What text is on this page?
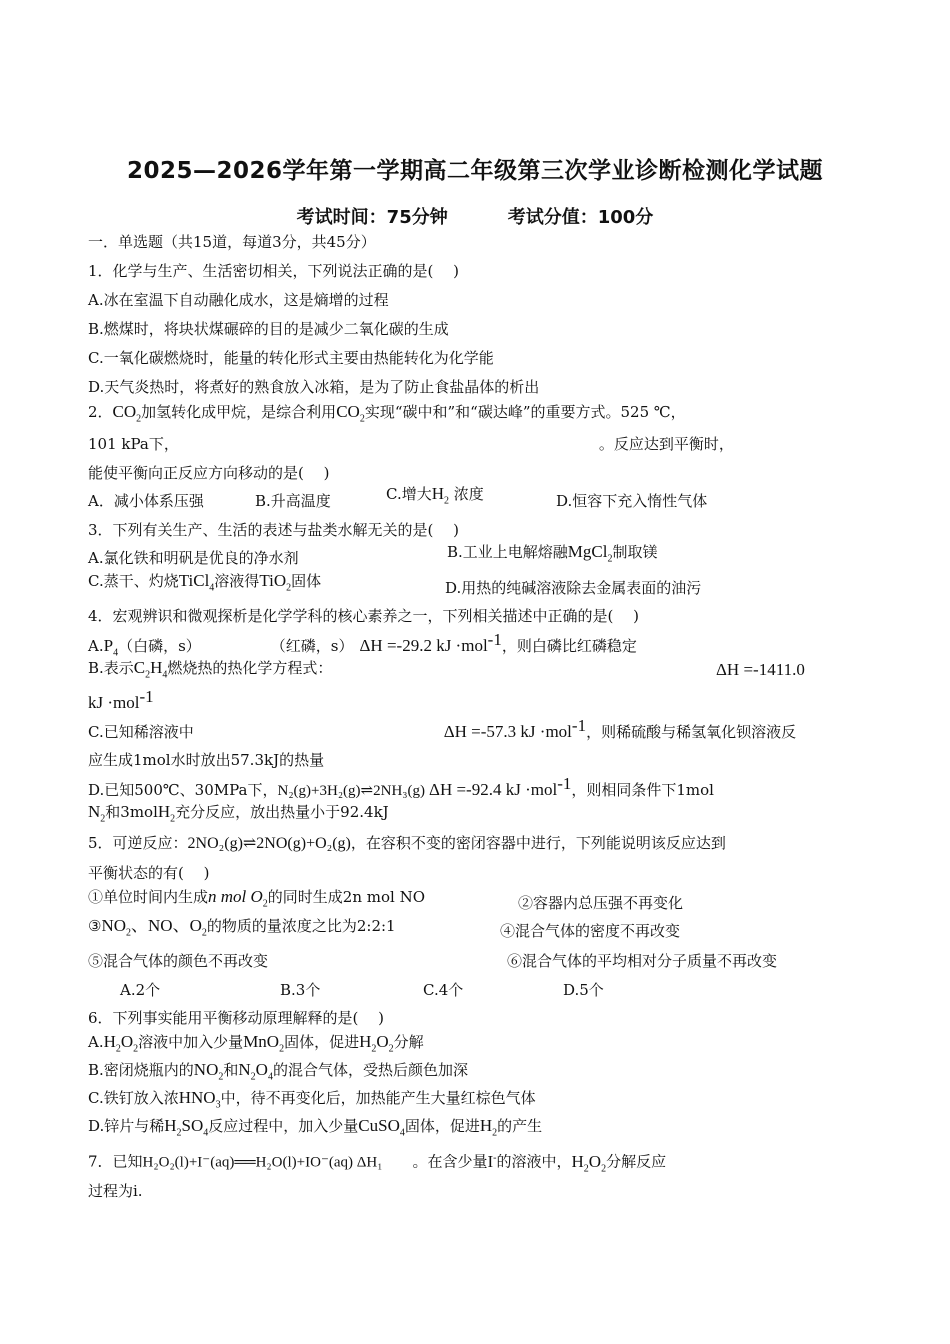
2025—2026学年第一学期高二年级第三次学业诊断检测化学试题
考试时间：75分钟	考试分值：100分
一．单选题（共15道，每道3分，共45分）
1．化学与生产、生活密切相关，下列说法正确的是(　 )
A.冰在室温下自动融化成水，这是熵增的过程
B.燃煤时，将块状煤碾碎的目的是减少二氧化碳的生成
C.一氧化碳燃烧时，能量的转化形式主要由热能转化为化学能
D.天气炎热时，将煮好的熟食放入冰箱，是为了防止食盐晶体的析出
2．$CO_2$加氢转化成甲烷，是综合利用$CO_2$实现“碳中和”和“碳达峰”的重要方式。525 ℃，
101 kPa下，	。反应达到平衡时，
能使平衡向正反应方向移动的是(　 )
A．减小体系压强	B.升高温度	C.增大$H_2$ 浓度	D.恒容下充入惰性气体
3．下列有关生产、生活的表述与盐类水解无关的是(　 )
A.氯化铁和明矾是优良的净水剂	B.工业上电解熔融MgCl$_2$制取镁
C.蒸干、灼烧TiCl$_4$溶液得TiO$_2$固体	D.用热的纯碱溶液除去金属表面的油污
4．宏观辨识和微观探析是化学学科的核心素养之一，下列相关描述中正确的是(　 )
$A.P_4$（白磷，s）	（红磷，s） ΔH =-29.2 kJ ·mol$^{-1}$，则白磷比红磷稳定
B.表示$C_2H_4$燃烧热的热化学方程式：	ΔH =-1411.0
kJ ·mol$^{-1}$
C.已知稀溶液中	ΔH =-57.3 kJ ·mol$^{-1}$，则稀硫酸与稀氢氧化钡溶液反
应生成1mol水时放出57.3kJ的热量
D.已知500℃、30MPa下，N₂(g)+3H₂(g)⇌2NH₃(g) ΔH =-92.4 kJ ·mol$^{-1}$，则相同条件下1mol
$N_2$和3molH$_2$充分反应，放出热量小于92.4kJ
5．可逆反应：2NO₂(g)⇌2NO(g)+O₂(g)，在容积不变的密闭容器中进行，下列能说明该反应达到
平衡状态的有(　 )
①单位时间内生成n mol $O_2$的同时生成2n mol NO	②容器内总压强不再变化
$③NO_2$、NO、$O_2$的物质的量浓度之比为2:2:1	④混合气体的密度不再改变
⑤混合气体的颜色不再改变	⑥混合气体的平均相对分子质量不再改变
A.2个	B.3个	C.4个	D.5个
6．下列事实能用平衡移动原理解释的是(　 )
$A.H_2O_2$溶液中加入少量MnO$_2$固体，促进$H_2O_2$分解
B.密闭烧瓶内的$NO_2$和$N_2O_4$的混合气体，受热后颜色加深
C.铁钉放入浓$HNO_3$中，待不再变化后，加热能产生大量红棕色气体
D.锌片与稀$H_2SO_4$反应过程中，加入少量CuSO$_4$固体，促进$H_2$的产生
7．已知H₂O₂(l)+I⁻(aq)══H₂O(l)+IO⁻(aq) ΔH₁ 。在含少量I-的溶液中，$H_2O_2$分解反应
过程为i.
